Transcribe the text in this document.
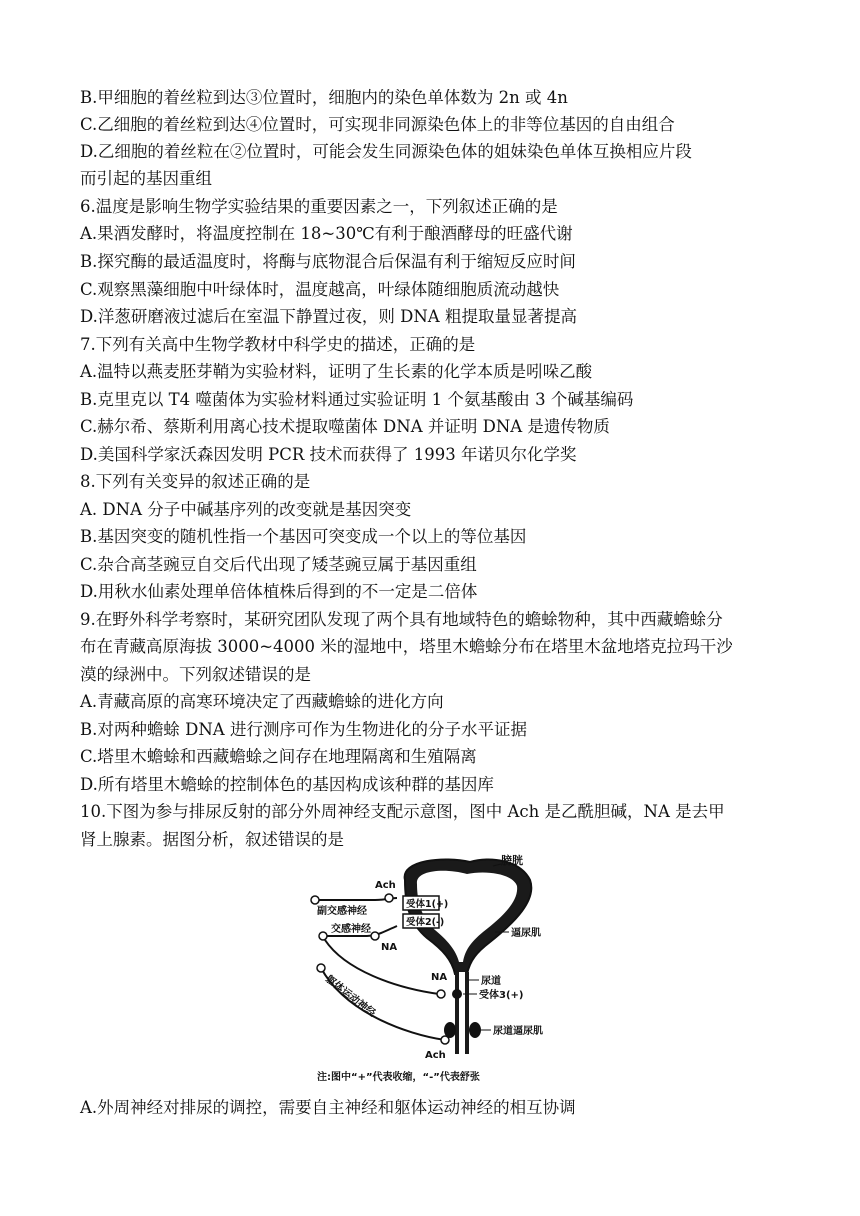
B.甲细胞的着丝粒到达③位置时，细胞内的染色单体数为 2n 或 4n
C.乙细胞的着丝粒到达④位置时，可实现非同源染色体上的非等位基因的自由组合
D.乙细胞的着丝粒在②位置时，可能会发生同源染色体的姐妹染色单体互换相应片段
而引起的基因重组
6.温度是影响生物学实验结果的重要因素之一，下列叙述正确的是
A.果酒发酵时，将温度控制在 18~30℃有利于酿酒酵母的旺盛代谢
B.探究酶的最适温度时，将酶与底物混合后保温有利于缩短反应时间
C.观察黑藻细胞中叶绿体时，温度越高，叶绿体随细胞质流动越快
D.洋葱研磨液过滤后在室温下静置过夜，则 DNA 粗提取量显著提高
7.下列有关高中生物学教材中科学史的描述，正确的是
A.温特以燕麦胚芽鞘为实验材料，证明了生长素的化学本质是吲哚乙酸
B.克里克以 T4 噬菌体为实验材料通过实验证明 1 个氨基酸由 3 个碱基编码
C.赫尔希、蔡斯利用离心技术提取噬菌体 DNA 并证明 DNA 是遗传物质
D.美国科学家沃森因发明 PCR 技术而获得了 1993 年诺贝尔化学奖
8.下列有关变异的叙述正确的是
A. DNA 分子中碱基序列的改变就是基因突变
B.基因突变的随机性指一个基因可突变成一个以上的等位基因
C.杂合高茎豌豆自交后代出现了矮茎豌豆属于基因重组
D.用秋水仙素处理单倍体植株后得到的不一定是二倍体
9.在野外科学考察时，某研究团队发现了两个具有地域特色的蟾蜍物种，其中西藏蟾蜍分
布在青藏高原海拔 3000~4000 米的湿地中，塔里木蟾蜍分布在塔里木盆地塔克拉玛干沙
漠的绿洲中。下列叙述错误的是
A.青藏高原的高寒环境决定了西藏蟾蜍的进化方向
B.对两种蟾蜍 DNA 进行测序可作为生物进化的分子水平证据
C.塔里木蟾蜍和西藏蟾蜍之间存在地理隔离和生殖隔离
D.所有塔里木蟾蜍的控制体色的基因构成该种群的基因库
10.下图为参与排尿反射的部分外周神经支配示意图，图中 Ach 是乙酰胆碱，NA 是去甲
肾上腺素。据图分析，叙述错误的是
膀胱
Ach
副交感神经
受体1(+)
受体2(-)
逼尿肌
交感神经
NA
NA	尿道
受体3(+)
躯体运动神经
尿道逼尿肌
Ach
注:图中“+”代表收缩，“-”代表舒张
A.外周神经对排尿的调控，需要自主神经和躯体运动神经的相互协调
